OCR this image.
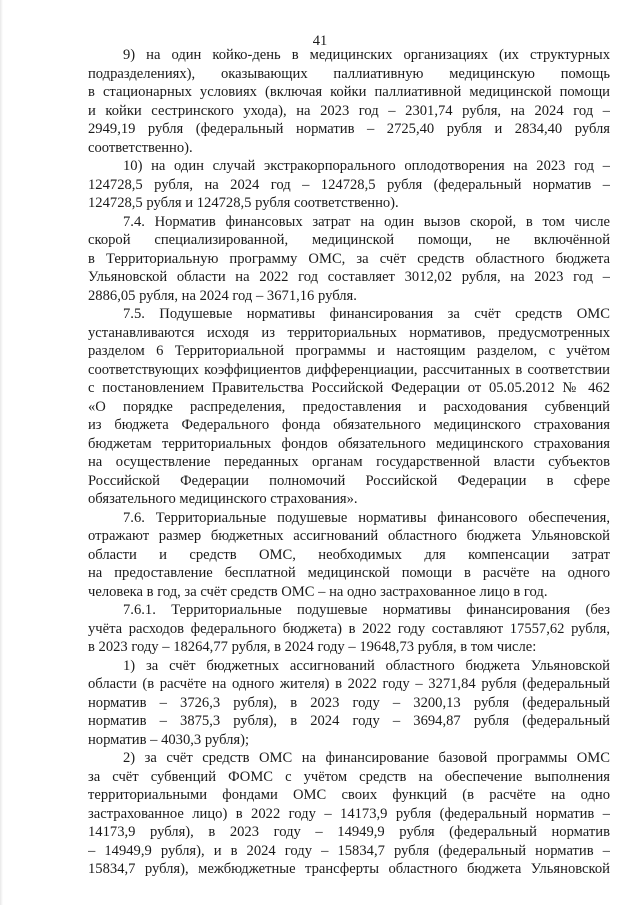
41
9) на один койко-день в медицинских организациях (их структурных
подразделениях), оказывающих паллиативную медицинскую помощь
в стационарных условиях (включая койки паллиативной медицинской помощи
и койки сестринского ухода), на 2023 год – 2301,74 рубля, на 2024 год –
2949,19 рубля (федеральный норматив – 2725,40 рубля и 2834,40 рубля
соответственно).
10) на один случай экстракорпорального оплодотворения на 2023 год –
124728,5 рубля, на 2024 год – 124728,5 рубля (федеральный норматив –
124728,5 рубля и 124728,5 рубля соответственно).
7.4. Норматив финансовых затрат на один вызов скорой, в том числе
скорой специализированной, медицинской помощи, не включённой
в Территориальную программу ОМС, за счёт средств областного бюджета
Ульяновской области на 2022 год составляет 3012,02 рубля, на 2023 год –
2886,05 рубля, на 2024 год – 3671,16 рубля.
7.5. Подушевые нормативы финансирования за счёт средств ОМС
устанавливаются исходя из территориальных нормативов, предусмотренных
разделом 6 Территориальной программы и настоящим разделом, с учётом
соответствующих коэффициентов дифференциации, рассчитанных в соответствии
с постановлением Правительства Российской Федерации от 05.05.2012 № 462
«О порядке распределения, предоставления и расходования субвенций
из бюджета Федерального фонда обязательного медицинского страхования
бюджетам территориальных фондов обязательного медицинского страхования
на осуществление переданных органам государственной власти субъектов
Российской Федерации полномочий Российской Федерации в сфере
обязательного медицинского страхования».
7.6. Территориальные подушевые нормативы финансового обеспечения,
отражают размер бюджетных ассигнований областного бюджета Ульяновской
области и средств ОМС, необходимых для компенсации затрат
на предоставление бесплатной медицинской помощи в расчёте на одного
человека в год, за счёт средств ОМС – на одно застрахованное лицо в год.
7.6.1. Территориальные подушевые нормативы финансирования (без
учёта расходов федерального бюджета) в 2022 году составляют 17557,62 рубля,
в 2023 году – 18264,77 рубля, в 2024 году – 19648,73 рубля, в том числе:
1) за счёт бюджетных ассигнований областного бюджета Ульяновской
области (в расчёте на одного жителя) в 2022 году – 3271,84 рубля (федеральный
норматив – 3726,3 рубля), в 2023 году – 3200,13 рубля (федеральный
норматив – 3875,3 рубля), в 2024 году – 3694,87 рубля (федеральный
норматив – 4030,3 рубля);
2) за счёт средств ОМС на финансирование базовой программы ОМС
за счёт субвенций ФОМС с учётом средств на обеспечение выполнения
территориальными фондами ОМС своих функций (в расчёте на одно
застрахованное лицо) в 2022 году – 14173,9 рубля (федеральный норматив –
14173,9 рубля), в 2023 году – 14949,9 рубля (федеральный норматив
– 14949,9 рубля), и в 2024 году – 15834,7 рубля (федеральный норматив –
15834,7 рубля), межбюджетные трансферты областного бюджета Ульяновской
